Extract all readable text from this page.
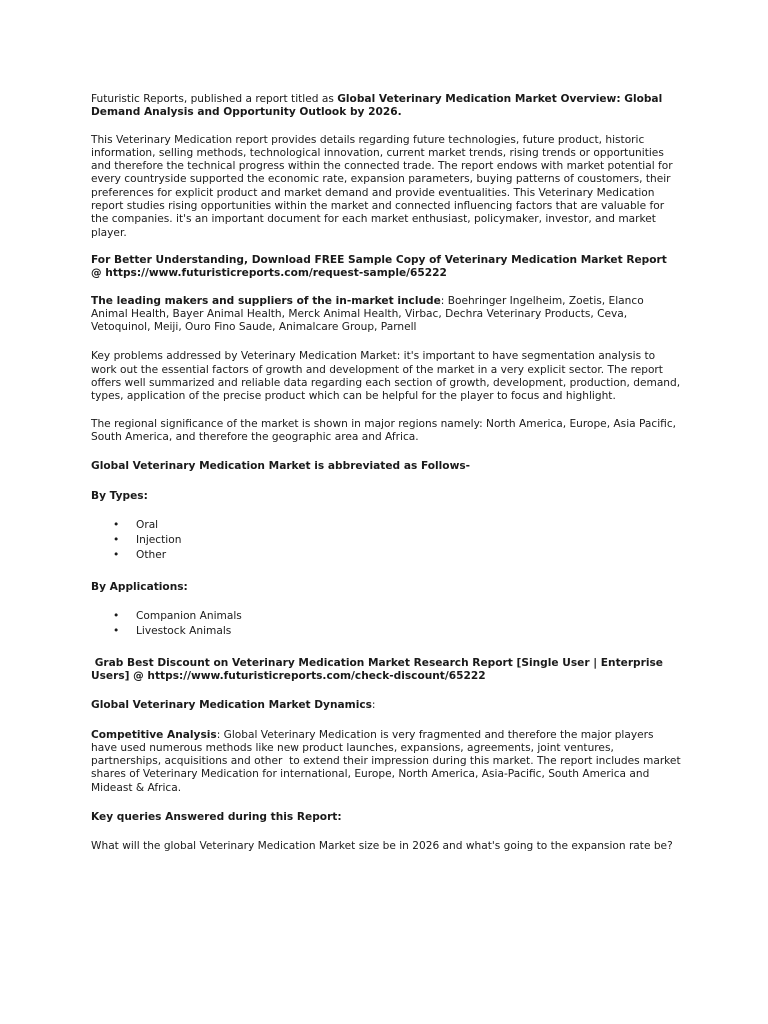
Futuristic Reports, published a report titled as Global Veterinary Medication Market Overview: Global Demand Analysis and Opportunity Outlook by 2026.

This Veterinary Medication report provides details regarding future technologies, future product, historic information, selling methods, technological innovation, current market trends, rising trends or opportunities and therefore the technical progress within the connected trade. The report endows with market potential for every countryside supported the economic rate, expansion parameters, buying patterns of coustomers, their preferences for explicit product and market demand and provide eventualities. This Veterinary Medication report studies rising opportunities within the market and connected influencing factors that are valuable for the companies. it's an important document for each market enthusiast, policymaker, investor, and market player.

For Better Understanding, Download FREE Sample Copy of Veterinary Medication Market Report @ https://www.futuristicreports.com/request-sample/65222

The leading makers and suppliers of the in-market include: Boehringer Ingelheim, Zoetis, Elanco Animal Health, Bayer Animal Health, Merck Animal Health, Virbac, Dechra Veterinary Products, Ceva, Vetoquinol, Meiji, Ouro Fino Saude, Animalcare Group, Parnell

Key problems addressed by Veterinary Medication Market: it's important to have segmentation analysis to work out the essential factors of growth and development of the market in a very explicit sector. The report offers well summarized and reliable data regarding each section of growth, development, production, demand, types, application of the precise product which can be helpful for the player to focus and highlight.

The regional significance of the market is shown in major regions namely: North America, Europe, Asia Pacific, South America, and therefore the geographic area and Africa.

Global Veterinary Medication Market is abbreviated as Follows-

By Types:

• Oral
• Injection
• Other

By Applications:

• Companion Animals
• Livestock Animals

Grab Best Discount on Veterinary Medication Market Research Report [Single User | Enterprise Users] @ https://www.futuristicreports.com/check-discount/65222

Global Veterinary Medication Market Dynamics:

Competitive Analysis: Global Veterinary Medication is very fragmented and therefore the major players have used numerous methods like new product launches, expansions, agreements, joint ventures, partnerships, acquisitions and other  to extend their impression during this market. The report includes market shares of Veterinary Medication for international, Europe, North America, Asia-Pacific, South America and Mideast & Africa.

Key queries Answered during this Report:

What will the global Veterinary Medication Market size be in 2026 and what's going to the expansion rate be?
